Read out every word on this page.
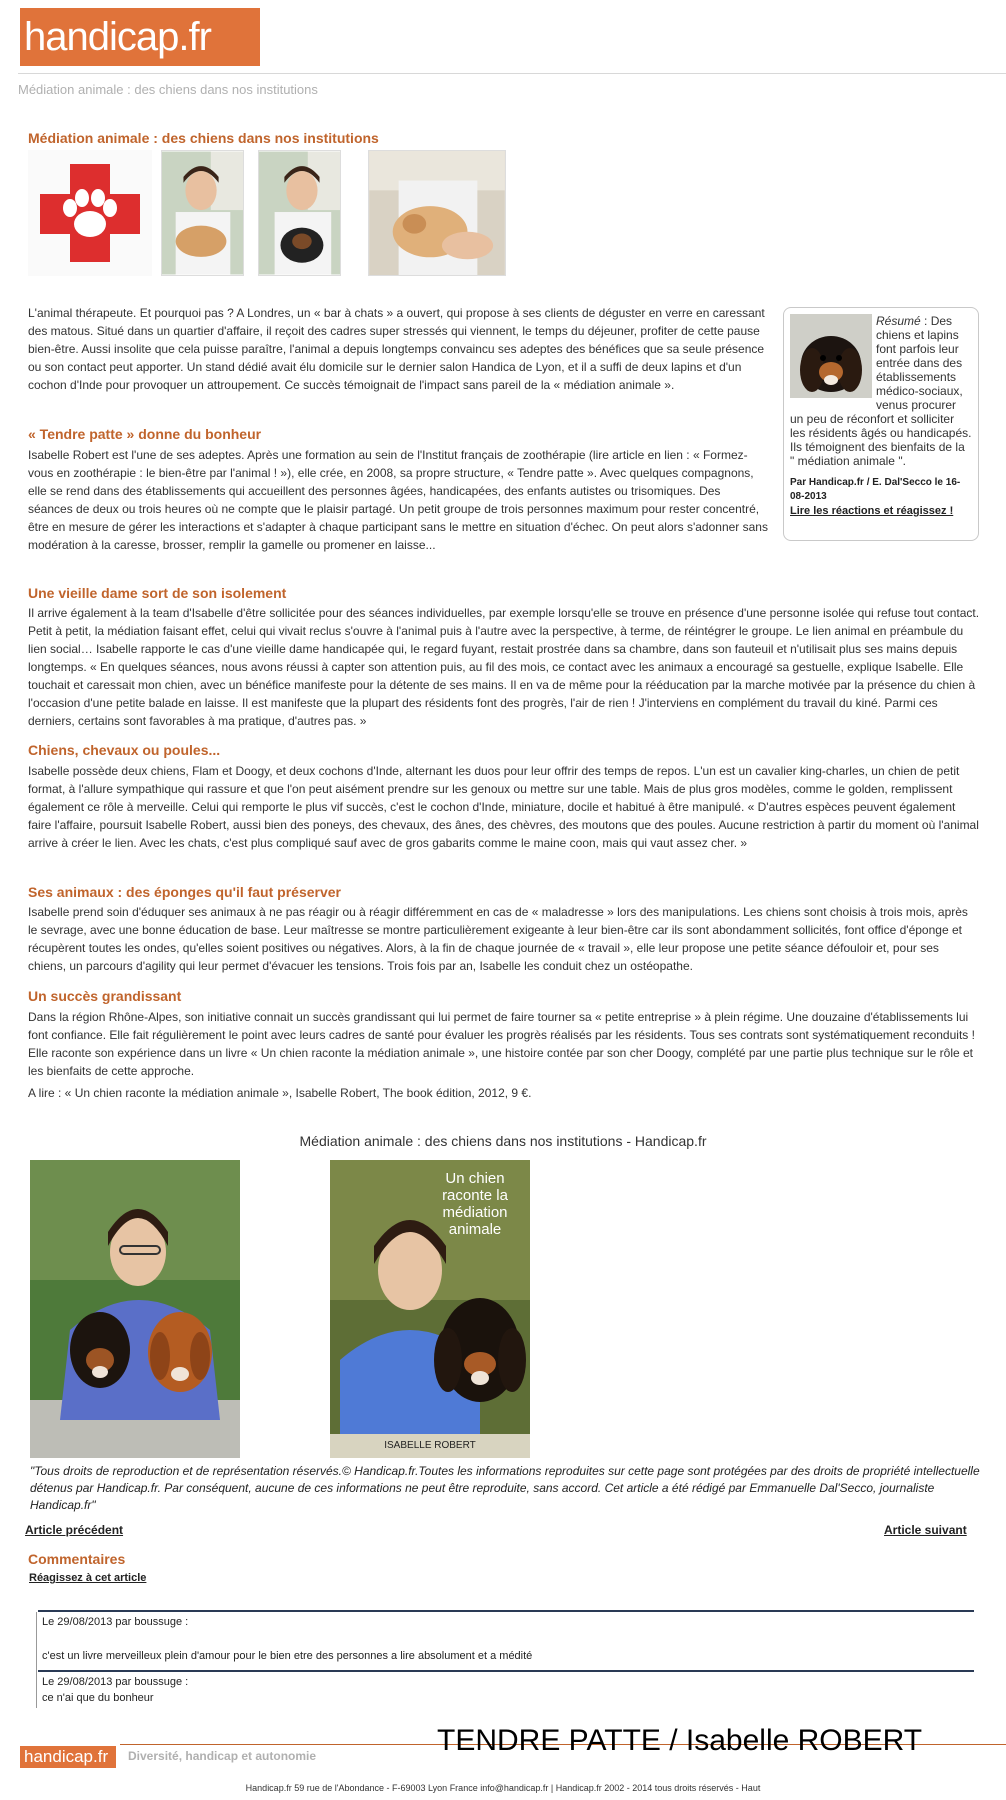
handicap.fr
Médiation animale : des chiens dans nos institutions
Médiation animale : des chiens dans nos institutions
L'animal thérapeute. Et pourquoi pas ? A Londres, un « bar à chats » a ouvert, qui propose à ses clients de déguster en verre en caressant des matous. Situé dans un quartier d'affaire, il reçoit des cadres super stressés qui viennent, le temps du déjeuner, profiter de cette pause bien-être. Aussi insolite que cela puisse paraître, l'animal a depuis longtemps convaincu ses adeptes des bénéfices que sa seule présence ou son contact peut apporter. Un stand dédié avait élu domicile sur le dernier salon Handica de Lyon, et il a suffi de deux lapins et d'un cochon d'Inde pour provoquer un attroupement. Ce succès témoignait de l'impact sans pareil de la « médiation animale ».
Résumé : Des chiens et lapins font parfois leur entrée dans des établissements médico-sociaux, venus procurer un peu de réconfort et solliciter les résidents âgés ou handicapés. Ils témoignent des bienfaits de la " médiation animale ".
Par Handicap.fr / E. Dal'Secco le 16-08-2013
Lire les réactions et réagissez !
« Tendre patte » donne du bonheur
Isabelle Robert est l'une de ses adeptes. Après une formation au sein de l'Institut français de zoothérapie (lire article en lien : « Formez-vous en zoothérapie : le bien-être par l'animal ! »), elle crée, en 2008, sa propre structure, « Tendre patte ». Avec quelques compagnons, elle se rend dans des établissements qui accueillent des personnes âgées, handicapées, des enfants autistes ou trisomiques. Des séances de deux ou trois heures où ne compte que le plaisir partagé. Un petit groupe de trois personnes maximum pour rester concentré, être en mesure de gérer les interactions et s'adapter à chaque participant sans le mettre en situation d'échec. On peut alors s'adonner sans modération à la caresse, brosser, remplir la gamelle ou promener en laisse...
Une vieille dame sort de son isolement
Il arrive également à la team d'Isabelle d'être sollicitée pour des séances individuelles, par exemple lorsqu'elle se trouve en présence d'une personne isolée qui refuse tout contact. Petit à petit, la médiation faisant effet, celui qui vivait reclus s'ouvre à l'animal puis à l'autre avec la perspective, à terme, de réintégrer le groupe. Le lien animal en préambule du lien social… Isabelle rapporte le cas d'une vieille dame handicapée qui, le regard fuyant, restait prostrée dans sa chambre, dans son fauteuil et n'utilisait plus ses mains depuis longtemps. « En quelques séances, nous avons réussi à capter son attention puis, au fil des mois, ce contact avec les animaux a encouragé sa gestuelle, explique Isabelle. Elle touchait et caressait mon chien, avec un bénéfice manifeste pour la détente de ses mains. Il en va de même pour la rééducation par la marche motivée par la présence du chien à l'occasion d'une petite balade en laisse. Il est manifeste que la plupart des résidents font des progrès, l'air de rien ! J'interviens en complément du travail du kiné. Parmi ces derniers, certains sont favorables à ma pratique, d'autres pas. »
Chiens, chevaux ou poules...
Isabelle possède deux chiens, Flam et Doogy, et deux cochons d'Inde, alternant les duos pour leur offrir des temps de repos. L'un est un cavalier king-charles, un chien de petit format, à l'allure sympathique qui rassure et que l'on peut aisément prendre sur les genoux ou mettre sur une table. Mais de plus gros modèles, comme le golden, remplissent également ce rôle à merveille. Celui qui remporte le plus vif succès, c'est le cochon d'Inde, miniature, docile et habitué à être manipulé. « D'autres espèces peuvent également faire l'affaire, poursuit Isabelle Robert, aussi bien des poneys, des chevaux, des ânes, des chèvres, des moutons que des poules. Aucune restriction à partir du moment où l'animal arrive à créer le lien. Avec les chats, c'est plus compliqué sauf avec de gros gabarits comme le maine coon, mais qui vaut assez cher. »
Ses animaux : des éponges qu'il faut préserver
Isabelle prend soin d'éduquer ses animaux à ne pas réagir ou à réagir différemment en cas de « maladresse » lors des manipulations. Les chiens sont choisis à trois mois, après le sevrage, avec une bonne éducation de base. Leur maîtresse se montre particulièrement exigeante à leur bien-être car ils sont abondamment sollicités, font office d'éponge et récupèrent toutes les ondes, qu'elles soient positives ou négatives. Alors, à la fin de chaque journée de « travail », elle leur propose une petite séance défouloir et, pour ses chiens, un parcours d'agility qui leur permet d'évacuer les tensions. Trois fois par an, Isabelle les conduit chez un ostéopathe.
Un succès grandissant
Dans la région Rhône-Alpes, son initiative connait un succès grandissant qui lui permet de faire tourner sa « petite entreprise » à plein régime. Une douzaine d'établissements lui font confiance. Elle fait régulièrement le point avec leurs cadres de santé pour évaluer les progrès réalisés par les résidents. Tous ses contrats sont systématiquement reconduits ! Elle raconte son expérience dans un livre « Un chien raconte la médiation animale », une histoire contée par son cher Doogy, complété par une partie plus technique sur le rôle et les bienfaits de cette approche.
A lire : « Un chien raconte la médiation animale », Isabelle Robert, The book édition, 2012, 9 €.
Médiation animale : des chiens dans nos institutions - Handicap.fr
Un chien raconte la médiation animale
ISABELLE ROBERT
"Tous droits de reproduction et de représentation réservés.© Handicap.fr.Toutes les informations reproduites sur cette page sont protégées par des droits de propriété intellectuelle détenus par Handicap.fr. Par conséquent, aucune de ces informations ne peut être reproduite, sans accord. Cet article a été rédigé par Emmanuelle Dal'Secco, journaliste Handicap.fr"
Article précédent	Article suivant
Commentaires
Réagissez à cet article
Le 29/08/2013 par boussuge :
c'est un livre merveilleux plein d'amour pour le bien etre des personnes a lire absolument et a médité
Le 29/08/2013 par boussuge :
ce n'ai que du bonheur
handicap.fr	Diversité, handicap et autonomie	TENDRE PATTE / Isabelle ROBERT
Handicap.fr 59 rue de l'Abondance - F-69003 Lyon France info@handicap.fr | Handicap.fr 2002 - 2014 tous droits réservés - Haut
